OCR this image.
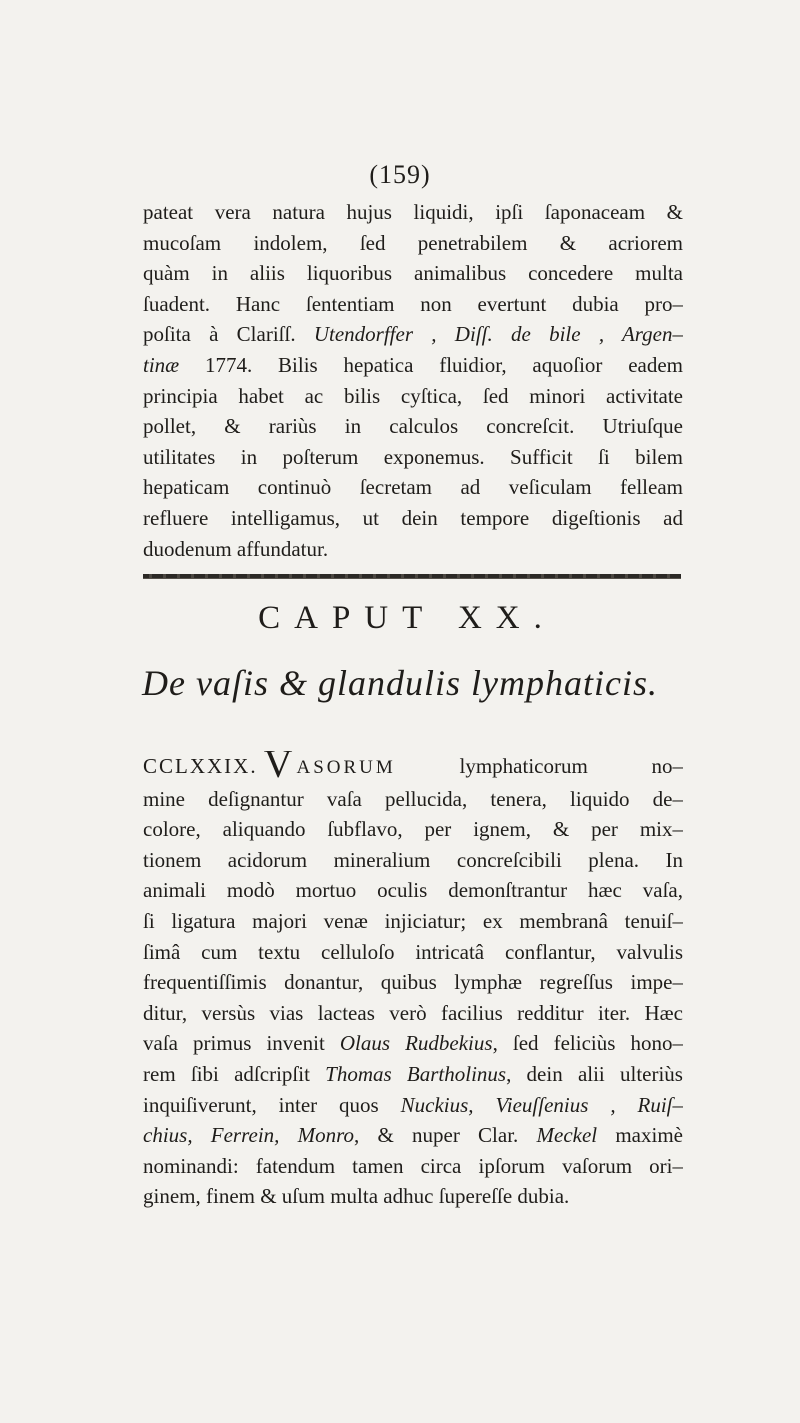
(159)
pateat vera natura hujus liquidi, ipſi ſaponaceam &
mucoſam indolem, ſed penetrabilem & acriorem
quàm in aliis liquoribus animalibus concedere multa
ſuadent. Hanc ſententiam non evertunt dubia pro–
poſita à Clariſſ. Utendorffer , Diſſ. de bile , Argen–
tinæ 1774. Bilis hepatica fluidior, aquoſior eadem
principia habet ac bilis cyſtica, ſed minori activitate
pollet, & rariùs in calculos concreſcit. Utriuſque
utilitates in poſterum exponemus. Sufficit ſi bilem
hepaticam continuò ſecretam ad veſiculam felleam
refluere intelligamus, ut dein tempore digeſtionis ad
duodenum affundatur.
CAPUT XX.
De vaſis & glandulis lymphaticis.
CCLXXIX. V ASORUM lymphaticorum no–
mine deſignantur vaſa pellucida, tenera, liquido de–
colore, aliquando ſubflavo, per ignem, & per mix–
tionem acidorum mineralium concreſcibili plena. In
animali modò mortuo oculis demonſtrantur hæc vaſa,
ſi ligatura majori venæ injiciatur; ex membranâ tenuiſ–
ſimâ cum textu celluloſo intricatâ conflantur, valvulis
frequentiſſimis donantur, quibus lymphæ regreſſus impe–
ditur, versùs vias lacteas verò facilius redditur iter. Hæc
vaſa primus invenit Olaus Rudbekius, ſed feliciùs hono–
rem ſibi adſcripſit Thomas Bartholinus, dein alii ulteriùs
inquiſiverunt, inter quos Nuckius, Vieuſſenius , Ruiſ–
chius, Ferrein, Monro, & nuper Clar. Meckel maximè
nominandi: fatendum tamen circa ipſorum vaſorum ori–
ginem, finem & uſum multa adhuc ſupereſſe dubia.
